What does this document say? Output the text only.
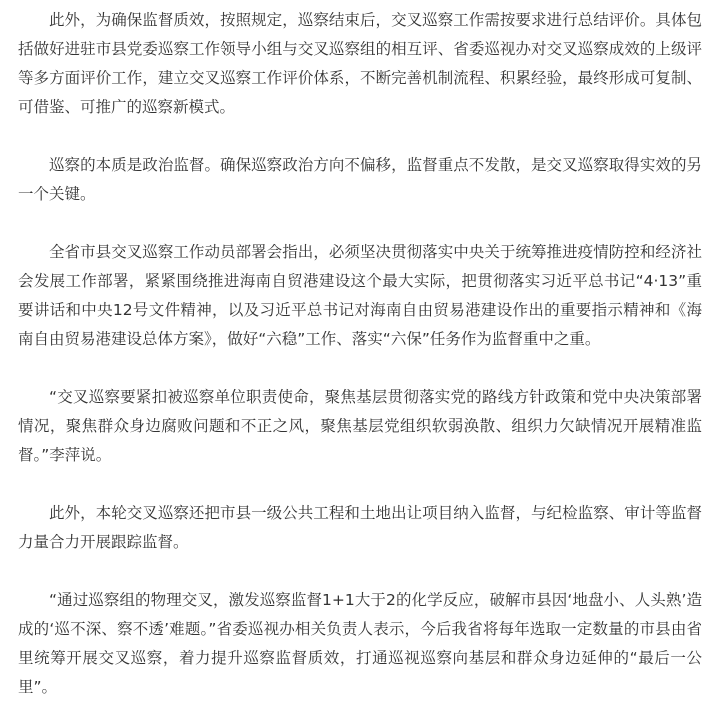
此外，为确保监督质效，按照规定，巡察结束后，交叉巡察工作需按要求进行总结评价。具体包括做好进驻市县党委巡察工作领导小组与交叉巡察组的相互评、省委巡视办对交叉巡察成效的上级评等多方面评价工作，建立交叉巡察工作评价体系，不断完善机制流程、积累经验，最终形成可复制、可借鉴、可推广的巡察新模式。

巡察的本质是政治监督。确保巡察政治方向不偏移，监督重点不发散，是交叉巡察取得实效的另一个关键。

全省市县交叉巡察工作动员部署会指出，必须坚决贯彻落实中央关于统筹推进疫情防控和经济社会发展工作部署，紧紧围绕推进海南自贸港建设这个最大实际，把贯彻落实习近平总书记“4·13”重要讲话和中央12号文件精神，以及习近平总书记对海南自由贸易港建设作出的重要指示精神和《海南自由贸易港建设总体方案》，做好“六稳”工作、落实“六保”任务作为监督重中之重。

“交叉巡察要紧扣被巡察单位职责使命，聚焦基层贯彻落实党的路线方针政策和党中央决策部署情况，聚焦群众身边腐败问题和不正之风，聚焦基层党组织软弱涣散、组织力欠缺情况开展精准监督。”李萍说。

此外，本轮交叉巡察还把市县一级公共工程和土地出让项目纳入监督，与纪检监察、审计等监督力量合力开展跟踪监督。

“通过巡察组的物理交叉，激发巡察监督1+1大于2的化学反应，破解市县因‘地盘小、人头熟’造成的‘巡不深、察不透’难题。”省委巡视办相关负责人表示，今后我省将每年选取一定数量的市县由省里统筹开展交叉巡察，着力提升巡察监督质效，打通巡视巡察向基层和群众身边延伸的“最后一公里”。
